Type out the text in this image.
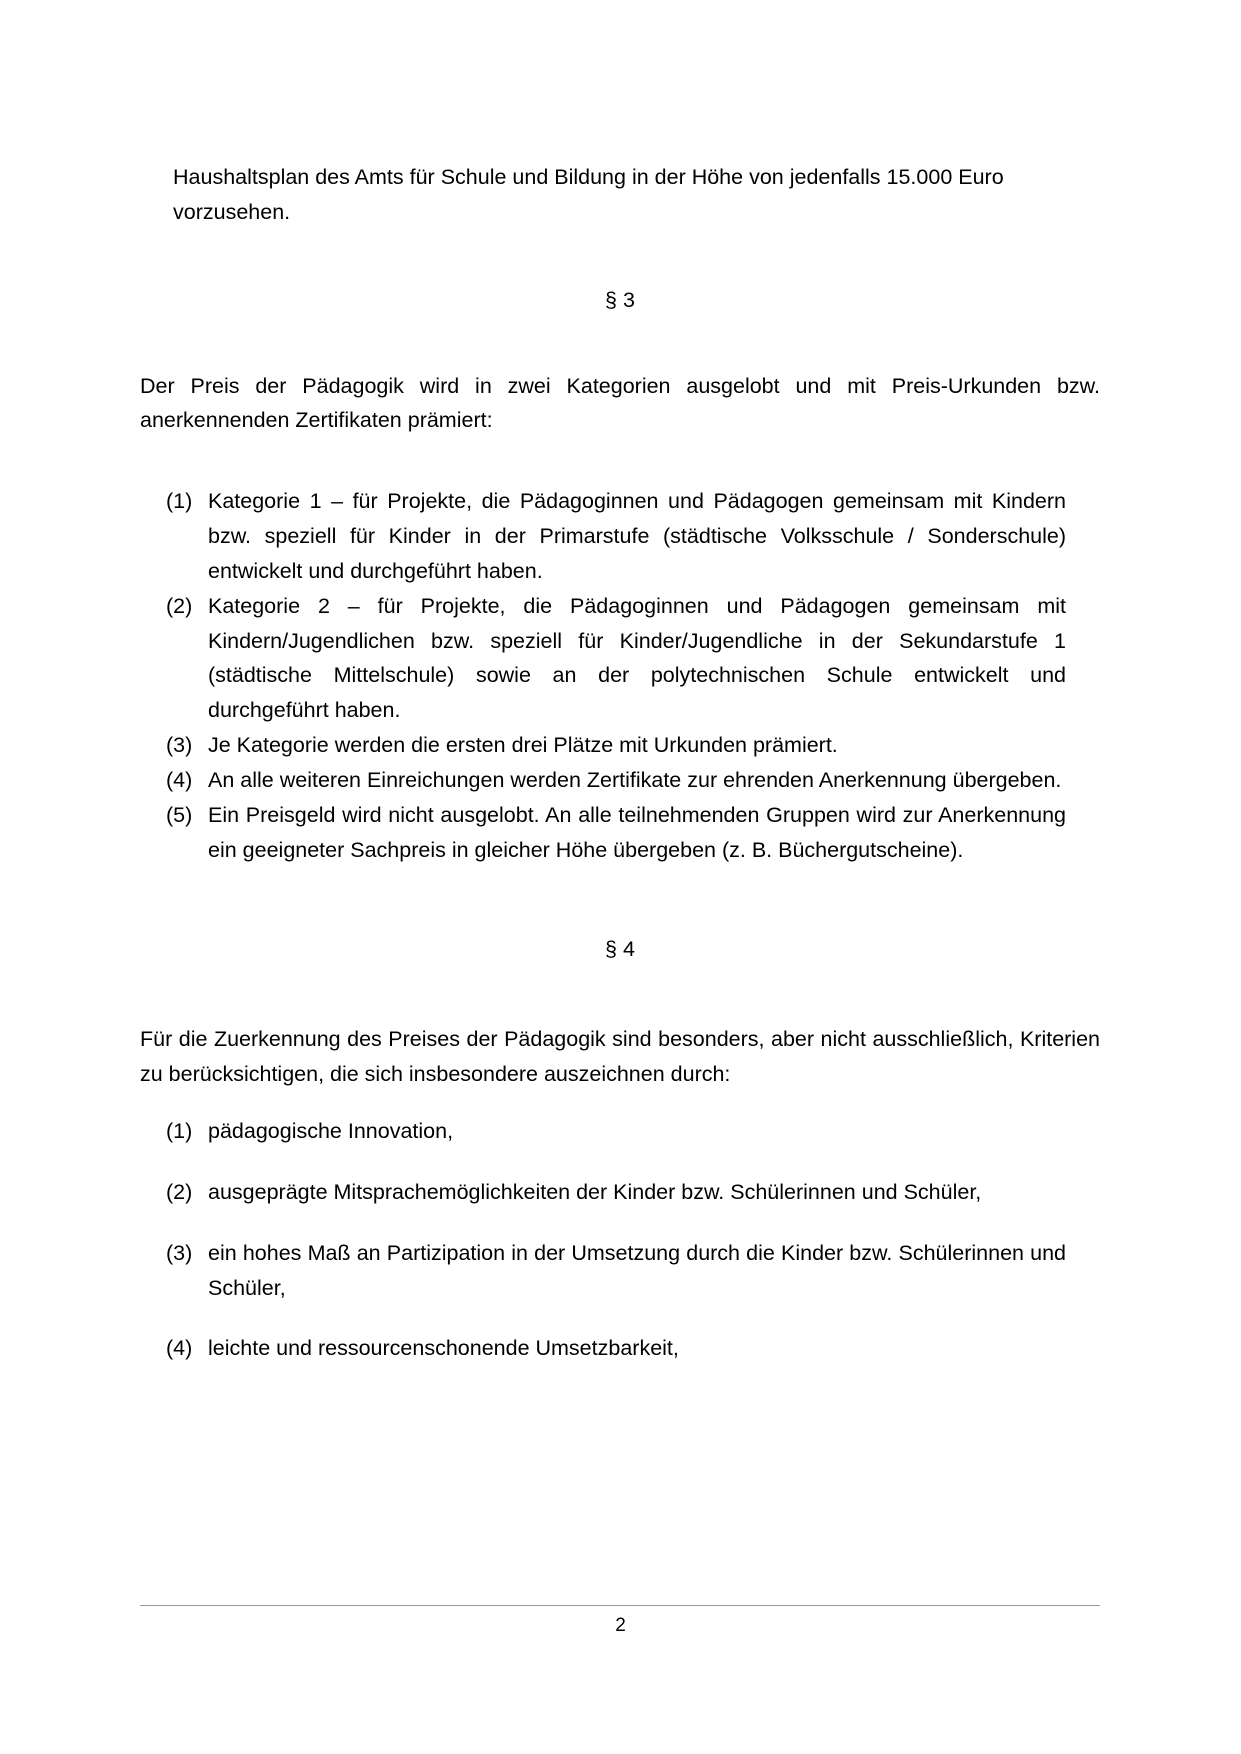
Haushaltsplan des Amts für Schule und Bildung in der Höhe von jedenfalls 15.000 Euro vorzusehen.

§ 3

Der Preis der Pädagogik wird in zwei Kategorien ausgelobt und mit Preis-Urkunden bzw. anerkennenden Zertifikaten prämiert:

(1) Kategorie 1 – für Projekte, die Pädagoginnen und Pädagogen gemeinsam mit Kindern bzw. speziell für Kinder in der Primarstufe (städtische Volksschule / Sonderschule) entwickelt und durchgeführt haben.
(2) Kategorie 2 – für Projekte, die Pädagoginnen und Pädagogen gemeinsam mit Kindern/Jugendlichen bzw. speziell für Kinder/Jugendliche in der Sekundarstufe 1 (städtische Mittelschule) sowie an der polytechnischen Schule entwickelt und durchgeführt haben.
(3) Je Kategorie werden die ersten drei Plätze mit Urkunden prämiert.
(4) An alle weiteren Einreichungen werden Zertifikate zur ehrenden Anerkennung übergeben.
(5) Ein Preisgeld wird nicht ausgelobt. An alle teilnehmenden Gruppen wird zur Anerkennung ein geeigneter Sachpreis in gleicher Höhe übergeben (z. B. Büchergutscheine).

§ 4

Für die Zuerkennung des Preises der Pädagogik sind besonders, aber nicht ausschließlich, Kriterien zu berücksichtigen, die sich insbesondere auszeichnen durch:

(1) pädagogische Innovation,
(2) ausgeprägte Mitsprachemöglichkeiten der Kinder bzw. Schülerinnen und Schüler,
(3) ein hohes Maß an Partizipation in der Umsetzung durch die Kinder bzw. Schülerinnen und Schüler,
(4) leichte und ressourcenschonende Umsetzbarkeit,
2
